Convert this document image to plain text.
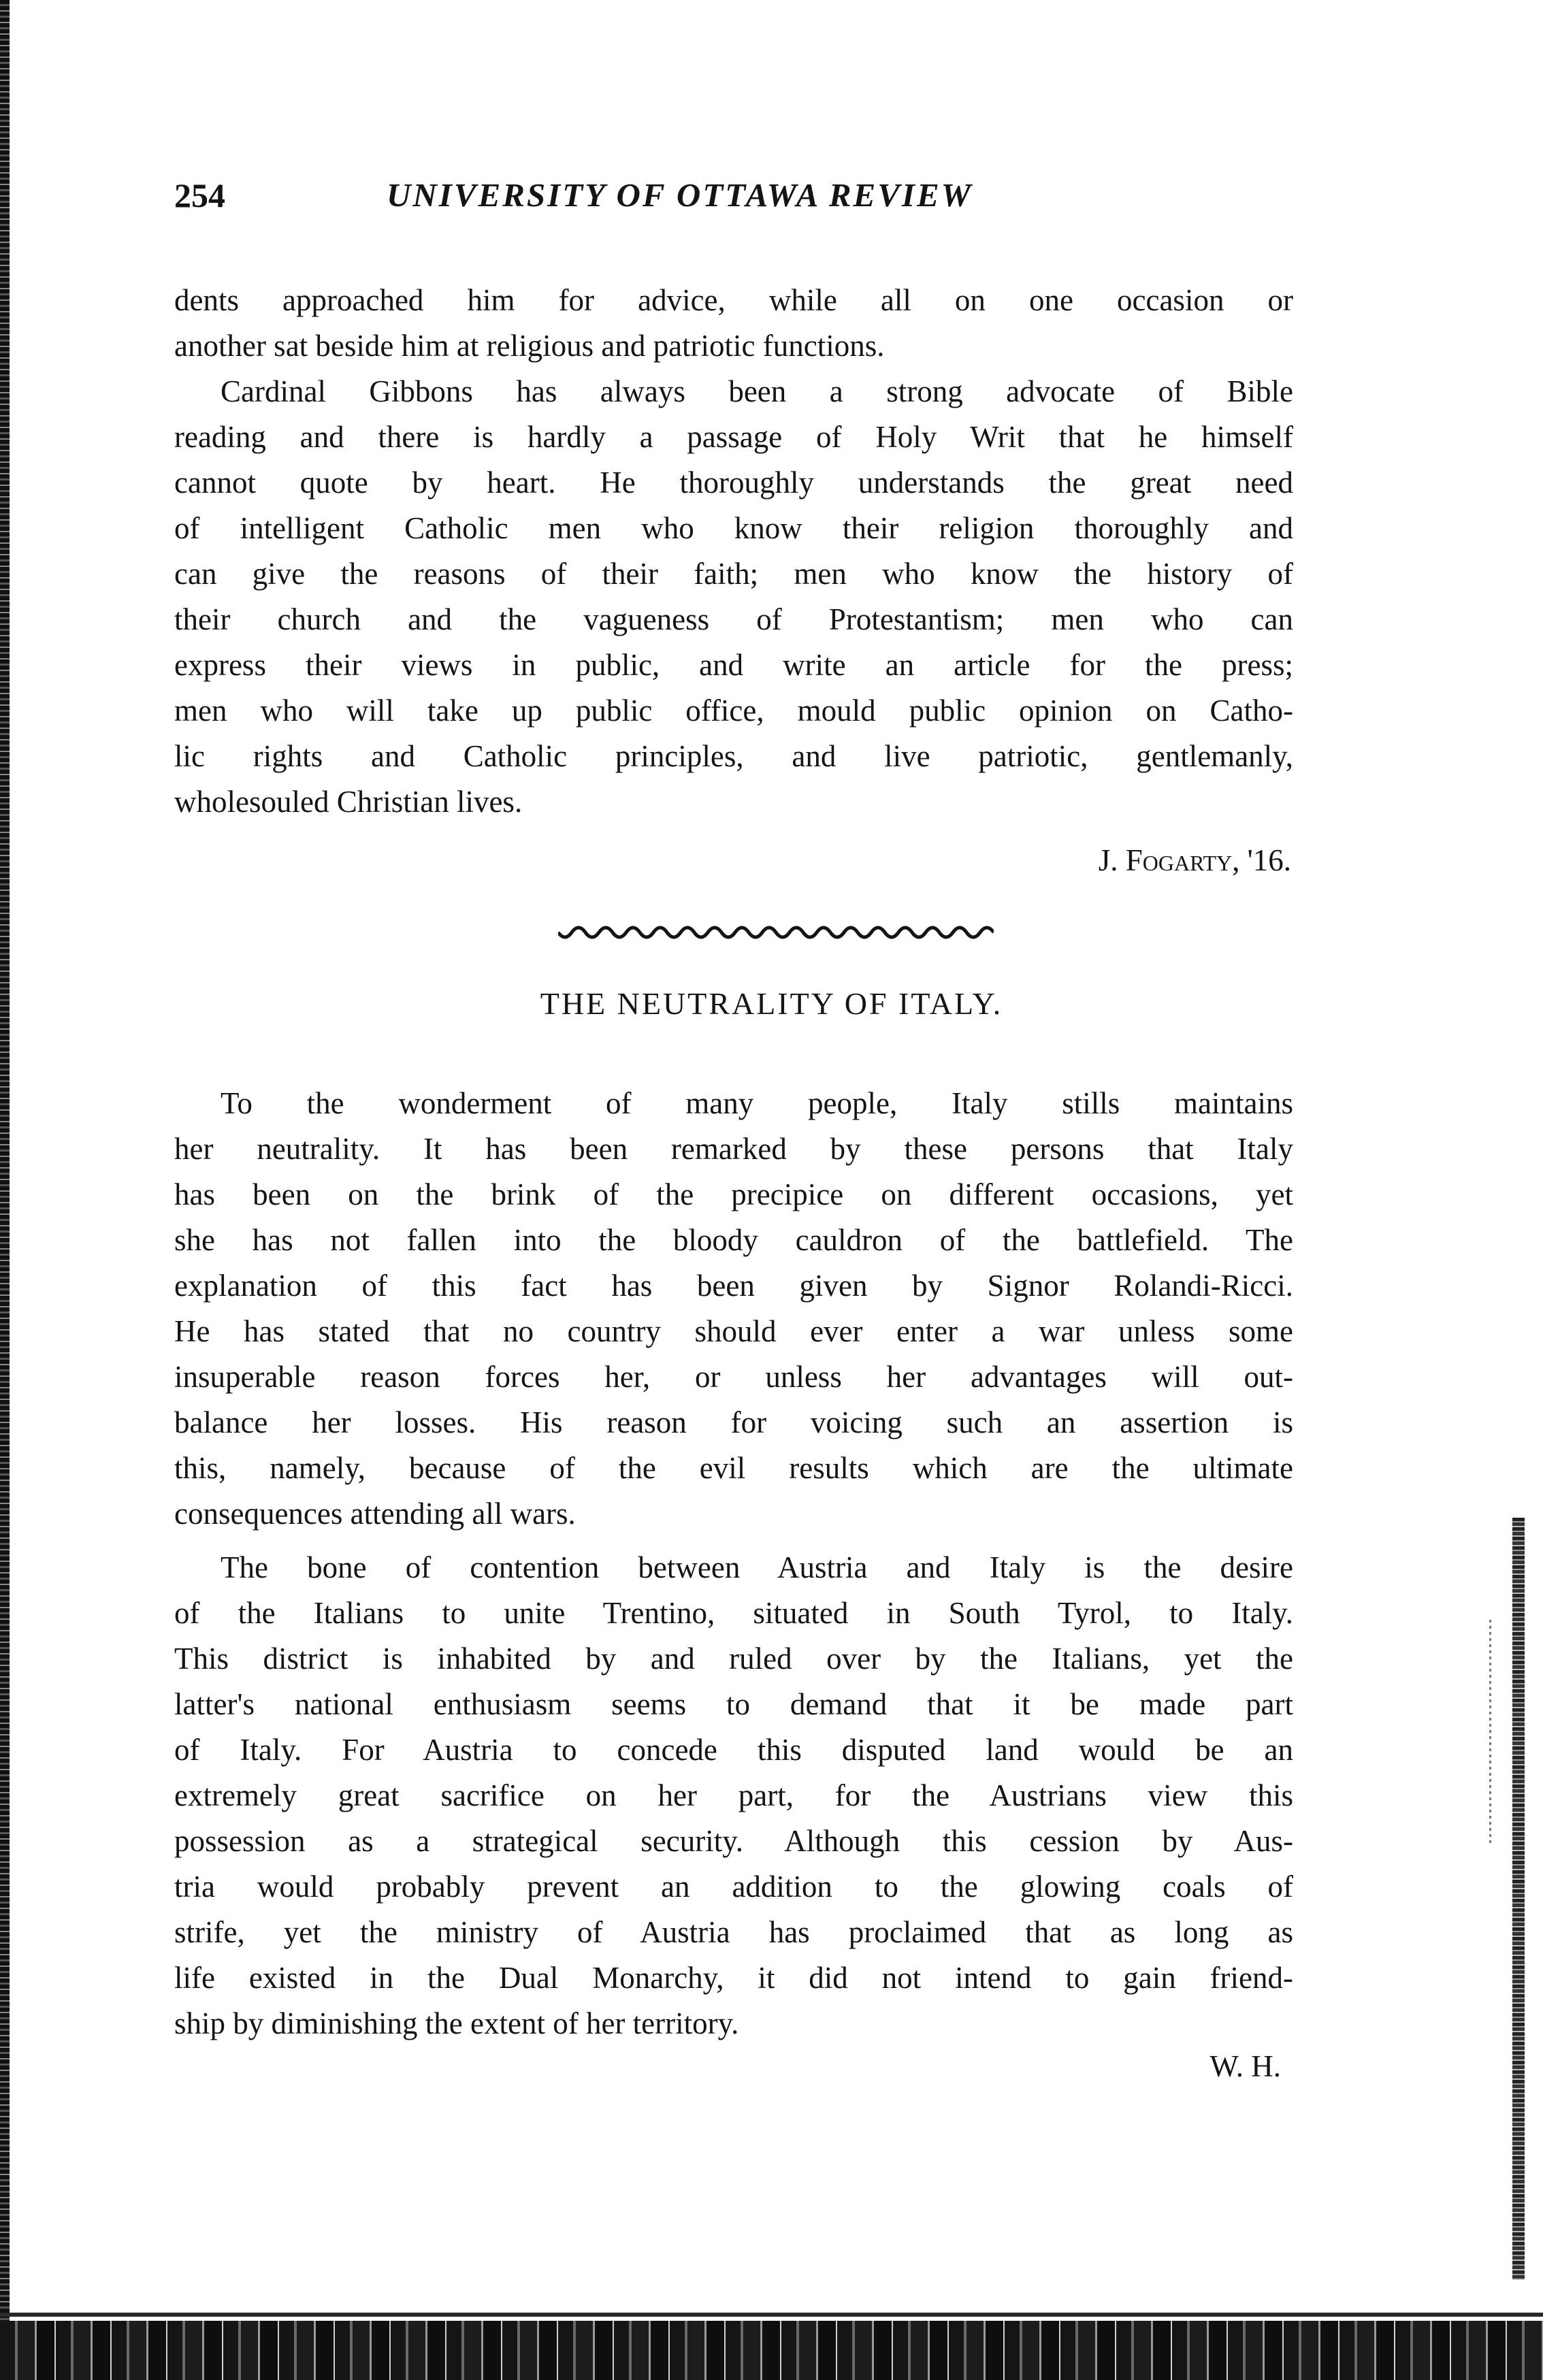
254	UNIVERSITY OF OTTAWA REVIEW

dents approached him for advice, while all on one occasion or
another sat beside him at religious and patriotic functions.

Cardinal Gibbons has always been a strong advocate of Bible
reading and there is hardly a passage of Holy Writ that he himself
cannot quote by heart. He thoroughly understands the great need
of intelligent Catholic men who know their religion thoroughly and
can give the reasons of their faith; men who know the history of
their church and the vagueness of Protestantism; men who can
express their views in public, and write an article for the press;
men who will take up public office, mould public opinion on Catho-
lic rights and Catholic principles, and live patriotic, gentlemanly,
wholesouled Christian lives.

J. Fogarty, '16.
THE NEUTRALITY OF ITALY.

To the wonderment of many people, Italy stills maintains
her neutrality. It has been remarked by these persons that Italy
has been on the brink of the precipice on different occasions, yet
she has not fallen into the bloody cauldron of the battlefield. The
explanation of this fact has been given by Signor Rolandi-Ricci.
He has stated that no country should ever enter a war unless some
insuperable reason forces her, or unless her advantages will out-
balance her losses. His reason for voicing such an assertion is
this, namely, because of the evil results which are the ultimate
consequences attending all wars.

The bone of contention between Austria and Italy is the desire
of the Italians to unite Trentino, situated in South Tyrol, to Italy.
This district is inhabited by and ruled over by the Italians, yet the
latter's national enthusiasm seems to demand that it be made part
of Italy. For Austria to concede this disputed land would be an
extremely great sacrifice on her part, for the Austrians view this
possession as a strategical security. Although this cession by Aus-
tria would probably prevent an addition to the glowing coals of
strife, yet the ministry of Austria has proclaimed that as long as
life existed in the Dual Monarchy, it did not intend to gain friend-
ship by diminishing the extent of her territory.

W. H.
